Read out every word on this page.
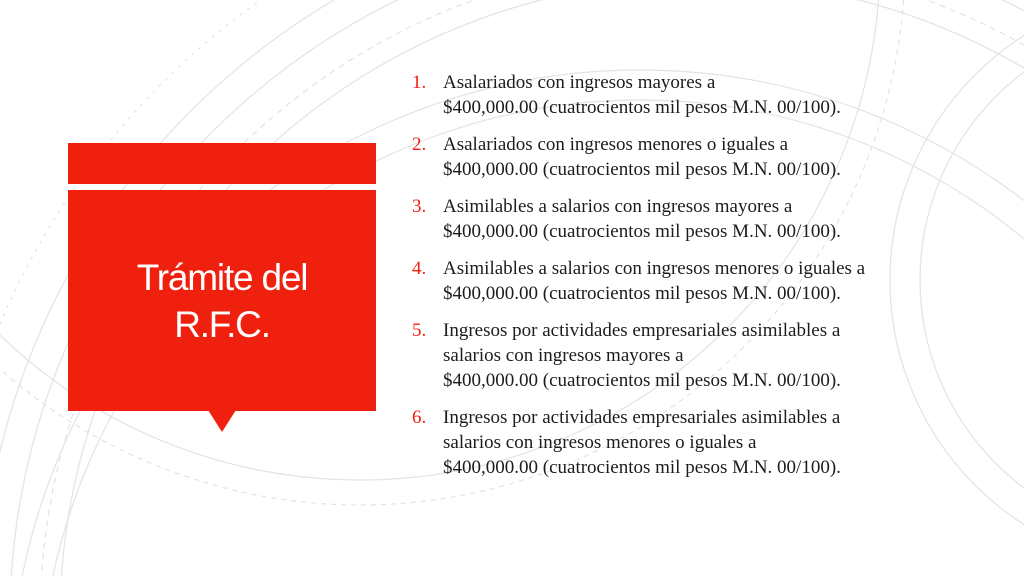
Trámite del R.F.C.
1. Asalariados con ingresos mayores a
$400,000.00 (cuatrocientos mil pesos M.N. 00/100).
2. Asalariados con ingresos menores o iguales a
$400,000.00 (cuatrocientos mil pesos M.N. 00/100).
3. Asimilables a salarios con ingresos mayores a
$400,000.00 (cuatrocientos mil pesos M.N. 00/100).
4. Asimilables a salarios con ingresos menores o iguales a
$400,000.00 (cuatrocientos mil pesos M.N. 00/100).
5. Ingresos por actividades empresariales asimilables a
salarios con ingresos mayores a
$400,000.00 (cuatrocientos mil pesos M.N. 00/100).
6. Ingresos por actividades empresariales asimilables a
salarios con ingresos menores o iguales a
$400,000.00 (cuatrocientos mil pesos M.N. 00/100).
